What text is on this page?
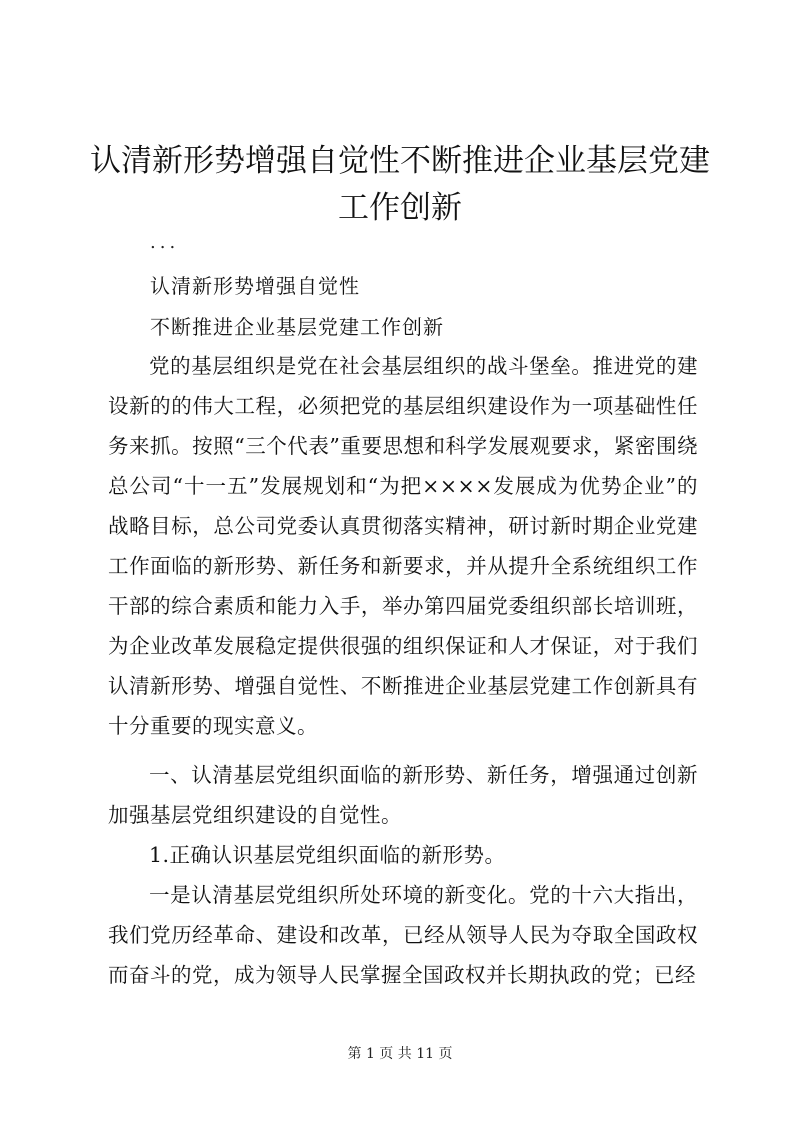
认清新形势增强自觉性不断推进企业基层党建
工作创新
...
认清新形势增强自觉性
不断推进企业基层党建工作创新

党的基层组织是党在社会基层组织的战斗堡垒。推进党的建设新的的伟大工程，必须把党的基层组织建设作为一项基础性任务来抓。按照“三个代表”重要思想和科学发展观要求，紧密围绕总公司“十一五”发展规划和“为把××××发展成为优势企业”的战略目标，总公司党委认真贯彻落实精神，研讨新时期企业党建工作面临的新形势、新任务和新要求，并从提升全系统组织工作干部的综合素质和能力入手，举办第四届党委组织部长培训班，为企业改革发展稳定提供很强的组织保证和人才保证，对于我们认清新形势、增强自觉性、不断推进企业基层党建工作创新具有十分重要的现实意义。

一、认清基层党组织面临的新形势、新任务，增强通过创新加强基层党组织建设的自觉性。

1.正确认识基层党组织面临的新形势。

一是认清基层党组织所处环境的新变化。党的十六大指出，我们党历经革命、建设和改革，已经从领导人民为夺取全国政权而奋斗的党，成为领导人民掌握全国政权并长期执政的党；已经

第 1 页 共 11 页
